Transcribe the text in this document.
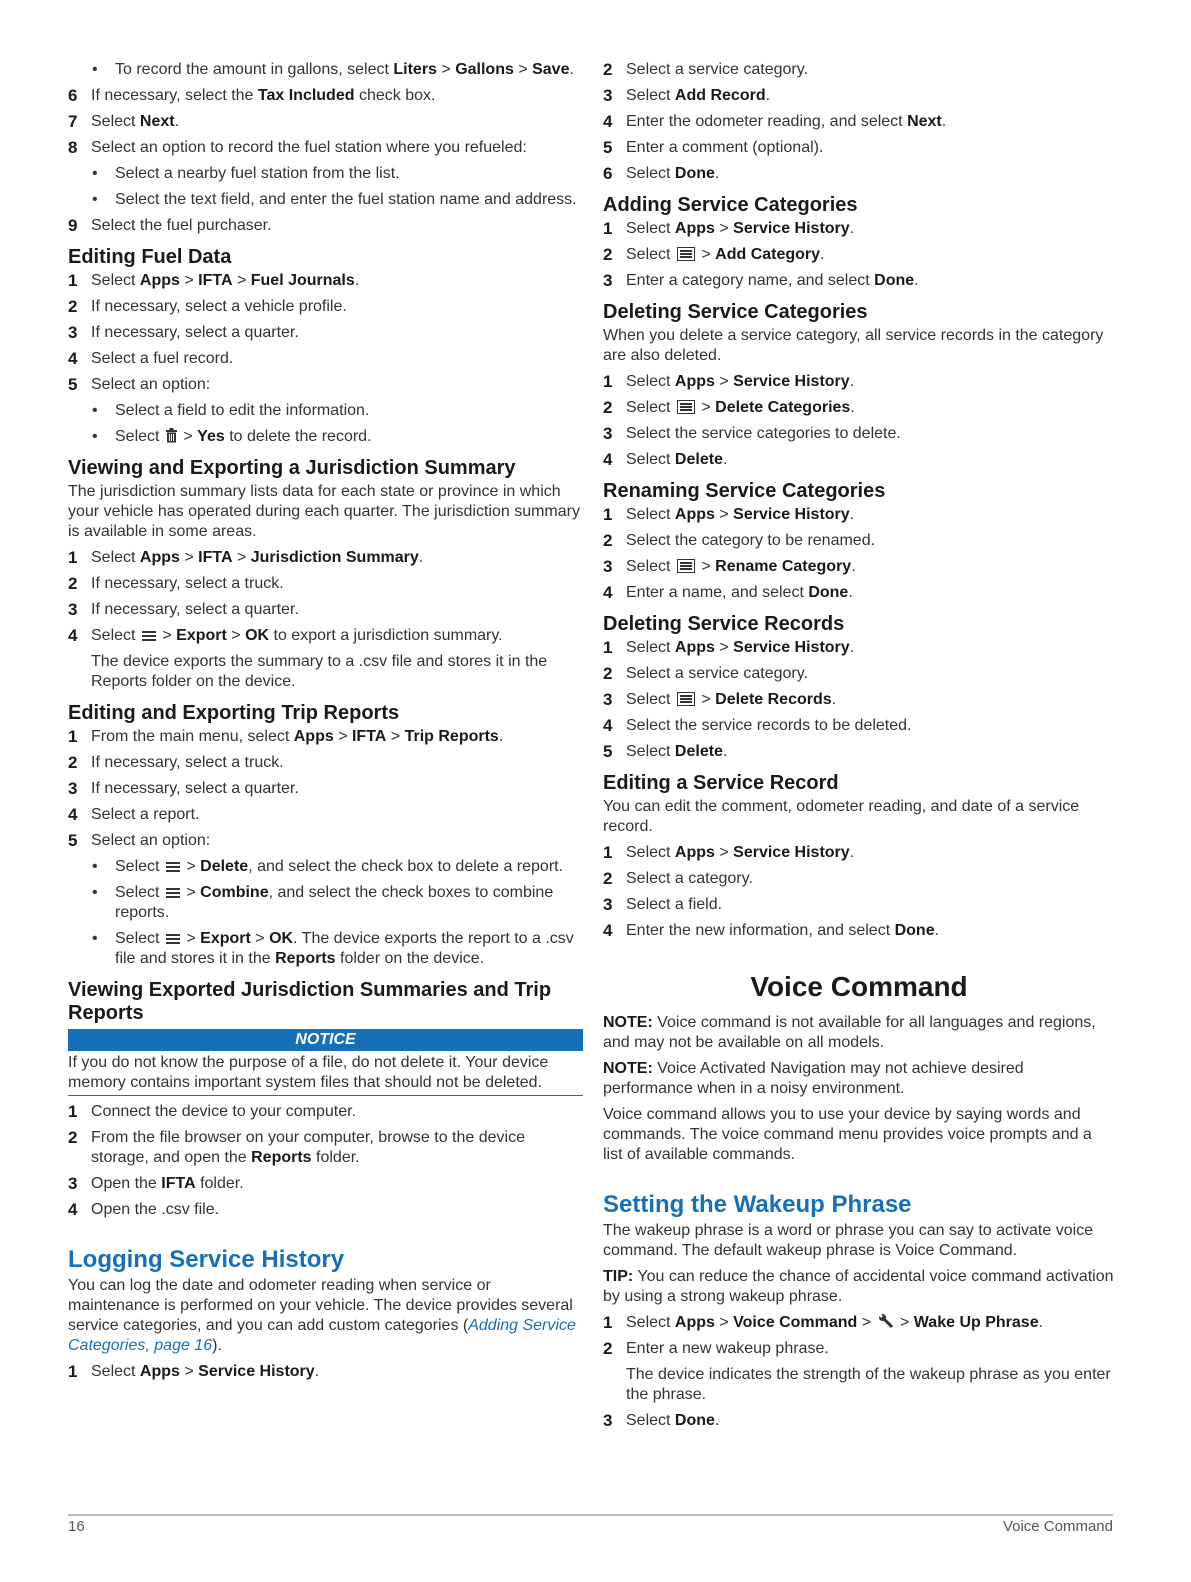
• To record the amount in gallons, select Liters > Gallons > Save.
6 If necessary, select the Tax Included check box.
7 Select Next.
8 Select an option to record the fuel station where you refueled:
• Select a nearby fuel station from the list.
• Select the text field, and enter the fuel station name and address.
9 Select the fuel purchaser.
Editing Fuel Data
1 Select Apps > IFTA > Fuel Journals.
2 If necessary, select a vehicle profile.
3 If necessary, select a quarter.
4 Select a fuel record.
5 Select an option:
• Select a field to edit the information.
• Select  > Yes to delete the record.
Viewing and Exporting a Jurisdiction Summary
The jurisdiction summary lists data for each state or province in which your vehicle has operated during each quarter. The jurisdiction summary is available in some areas.
1 Select Apps > IFTA > Jurisdiction Summary.
2 If necessary, select a truck.
3 If necessary, select a quarter.
4 Select  > Export > OK to export a jurisdiction summary.
The device exports the summary to a .csv file and stores it in the Reports folder on the device.
Editing and Exporting Trip Reports
1 From the main menu, select Apps > IFTA > Trip Reports.
2 If necessary, select a truck.
3 If necessary, select a quarter.
4 Select a report.
5 Select an option:
• Select  > Delete, and select the check box to delete a report.
• Select  > Combine, and select the check boxes to combine reports.
• Select  > Export > OK. The device exports the report to a .csv file and stores it in the Reports folder on the device.
Viewing Exported Jurisdiction Summaries and Trip Reports
NOTICE
If you do not know the purpose of a file, do not delete it. Your device memory contains important system files that should not be deleted.
1 Connect the device to your computer.
2 From the file browser on your computer, browse to the device storage, and open the Reports folder.
3 Open the IFTA folder.
4 Open the .csv file.
Logging Service History
You can log the date and odometer reading when service or maintenance is performed on your vehicle. The device provides several service categories, and you can add custom categories (Adding Service Categories, page 16).
1 Select Apps > Service History.
2 Select a service category.
3 Select Add Record.
4 Enter the odometer reading, and select Next.
5 Enter a comment (optional).
6 Select Done.
Adding Service Categories
1 Select Apps > Service History.
2 Select  > Add Category.
3 Enter a category name, and select Done.
Deleting Service Categories
When you delete a service category, all service records in the category are also deleted.
1 Select Apps > Service History.
2 Select  > Delete Categories.
3 Select the service categories to delete.
4 Select Delete.
Renaming Service Categories
1 Select Apps > Service History.
2 Select the category to be renamed.
3 Select  > Rename Category.
4 Enter a name, and select Done.
Deleting Service Records
1 Select Apps > Service History.
2 Select a service category.
3 Select  > Delete Records.
4 Select the service records to be deleted.
5 Select Delete.
Editing a Service Record
You can edit the comment, odometer reading, and date of a service record.
1 Select Apps > Service History.
2 Select a category.
3 Select a field.
4 Enter the new information, and select Done.
Voice Command
NOTE: Voice command is not available for all languages and regions, and may not be available on all models.
NOTE: Voice Activated Navigation may not achieve desired performance when in a noisy environment.
Voice command allows you to use your device by saying words and commands. The voice command menu provides voice prompts and a list of available commands.
Setting the Wakeup Phrase
The wakeup phrase is a word or phrase you can say to activate voice command. The default wakeup phrase is Voice Command.
TIP: You can reduce the chance of accidental voice command activation by using a strong wakeup phrase.
1 Select Apps > Voice Command >  > Wake Up Phrase.
2 Enter a new wakeup phrase.
The device indicates the strength of the wakeup phrase as you enter the phrase.
3 Select Done.
16	Voice Command
